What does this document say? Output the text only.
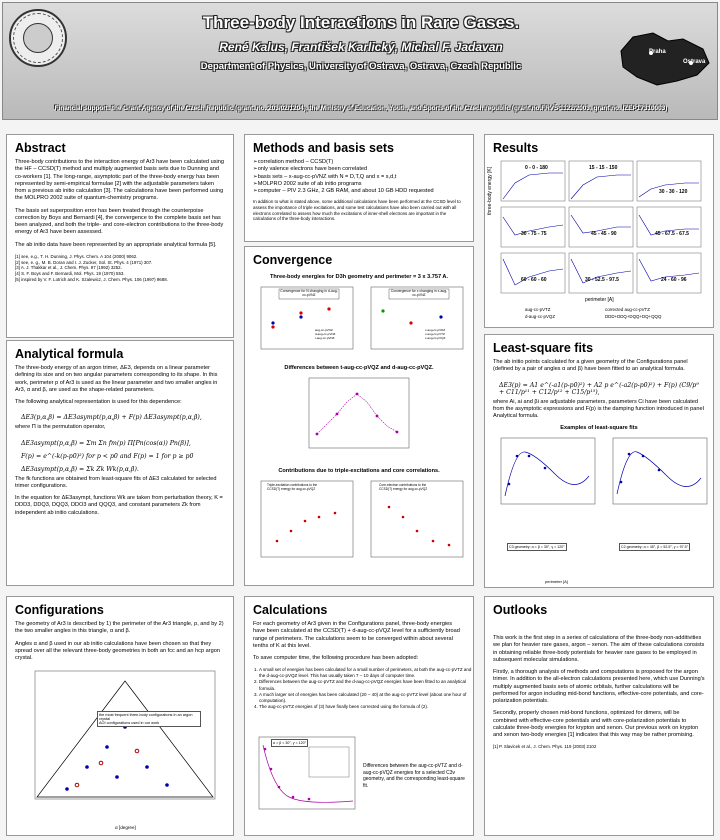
Three-body Interactions in Rare Gases.
René Kalus, František Karlický, Michal F. Jadavan
Department of Physics, University of Ostrava, Ostrava, Czech Republic
Financial support: the Grant Agency of the Czech Republic (grant. no. 203/02/1204), the Ministry of Education, Youth, and Sports of the Czech republic (grant no.FRVŠ 1122/2003, grant no. IZEP17310003)
Praha
Ostrava
Abstract

Three-body contributions to the interaction energy of Ar3 have been calculated using the HF – CCSD(T) method and multiply augmented basis sets due to Dunning and co-workers [1]. The long-range, asymptotic part of the three-body energy has been represented by semi-empirical formulae [2] with the adjustable parameters taken from a previous ab initio calculation [3]. The calculations have been performed using the MOLPRO 2002 suite of quantum-chemistry programs.

The basis set superposition error has been treated through the counterpoise correction by Boys and Bernardi [4], the convergence to the complete basis set has been analyzed, and both the triple- and core-electron contributions to the three-body energy of Ar3 have been assessed.

The ab initio data have been represented by an appropriate analytical formula [5].

[1] see, e.g., T. H. Dunning, J. Phys. Chem. A 104 (2000) 9062.
[2] see, e. g., M. B. Doran and I. J. Zucker, Sol. St. Phys. 4 (1971) 307.
[3] A. J. Thakkar et al., J. Chem. Phys. 97 (1992) 3252.
[4] S. F. Boys and F. Bernardi, Mol. Phys. 19 (1970) 553.
[5] inspired by V. F. Lotrich and K. Szalewicz, J. Chem. Phys. 106 (1997) 9688.
Methods and basis sets
➢ correlation method – CCSD(T)
➢ only valence electrons have been correlated
➢ basis sets – x-aug-cc-pVNZ with N = D,T,Q and x = s,d,t
➢ MOLPRO 2002 suite of ab initio programs
➢ computer – PIV 2.3 GHz, 2 GB RAM, and about 10 GB HDD requested

In addition to what is stated above, some additional calculations have been performed at the CCSD level to assess the importance of triple excitations, and some test calculations have also been carried out with all electrons correlated to assess how much the excitations of inner-shell electrons are important in the calculations of the three-body interactions.

Convergence
Three-body energies for D3h geometry and perimeter = 3 x 3.757 A.
Convergence for N changing in d-aug-cc-pVNZ
Convergence for x changing in x-aug-cc-pVNZ
aug-cc-pVNZ
d-aug-cc-pVNZ
t-aug-cc-pVNZ
x-aug-cc-pVDZ
x-aug-cc-pVTZ
x-aug-cc-pVQZ
Differences between t-aug-cc-pVQZ and d-aug-cc-pVQZ.
Contributions due to triple-excitations and core correlations.
Triple-excitation contributions to the CCSD(T) energy for aug-cc-pVQZ
Core-electron contributions to the CCSD(T) energy for aug-cc-pVQZ
Results
three-body energy [K]	0 - 0 - 180	15 - 15 - 150
30 - 30 - 120
30 - 75 - 75	45 - 45 - 90	45 - 67.5 - 67.5
60 - 60 - 60	30 - 52.5 - 97.5	24 - 60 - 96
perimeter [A]
aug-cc-pVTZ	corrected aug-cc-pVTZ
d-aug-cc-pVQZ	DDD+DDQ+DQQ+DQ+QQQ
Analytical formula

The three-body energy of an argon trimer, ΔE3, depends on a linear parameter defining its size and on two angular parameters corresponding to its shape. In this work, perimeter p of Ar3 is used as the linear parameter and two smaller angles in Ar3, α and β, are used as the shape-related parameters.

The following analytical representation is used for this dependence:

ΔE3(p,α,β) = ΔE3asympt(p,α,β) + F(p) ΔE3asympt(p,α,β),

where Π is the permutation operator,

ΔE3asympt(p,α,β) = Σm Σn fm(p) Π[Pn(cos(α)) Pn(β)],
F(p) = e^(-k(p-p0)²) for p < p0 and F(p) = 1 for p ≥ p0
ΔE3asympt(p,α,β) = Σk Zk Wk(p,α,β).

The fk functions are obtained from least-square fits of ΔE3 calculated for selected trimer configurations.

In the equation for ΔE3asympt, functions Wk are taken from perturbation theory, K = DDD3, DDQ3, DQQ3, DDO3 and QQQ3, and constant parameters Zk from independent ab initio calculations.

Least-square fits

The ab initio points calculated for a given geometry of the Configurations panel (defined by a pair of angles α and β) have been fitted to an analytical formula.

ΔE3(p) = A1 e^(-a1(p-p0)²) + A2 p e^(-a2(p-p0)²) + F(p) (C9/p⁹ + C11/p¹¹ + C12/p¹² + C15/p¹⁵),

where Ai, ai and βi are adjustable parameters, parameters Ci have been calculated from the asymptotic expressions and F(p) is the damping function introduced in panel Analytical formula.

Examples of least-square fits
C3 geometry: α = β = 30°, γ = 120°	C2 geometry: α = 45°, β = 52.5°, γ = 97.5°
perimeter [A]
Configurations

The geometry of Ar3 is described by 1) the perimeter of the Ar3 triangle, p, and by 2) the two smaller angles in this triangle, α and β.

Angles α and β used in our ab initio calculations have been chosen so that they spread over all the relevant three-body geometries in both an fcc and an hcp argon crystal.

the most frequent three-body configurations in an argon crystal
AOI configurations used in our work
α [degree]
Calculations

For each geometry of Ar3 given in the Configurations panel, three-body energies have been calculated at the CCSD(T) + d-aug-cc-pVQZ level for a sufficiently broad range of perimeters. The calculations seem to be converged within about several tenths of K at this level.

To save computer time, the following procedure has been adopted:

1. A small set of energies has been calculated for a small number of perimeters, at both the aug-cc-pVTZ and the d-aug-cc-pVQZ level. This has usually taken 7 – 10 days of computer time.
2. Differences between the aug-cc-pVTZ and the d-aug-cc-pVQZ energies have been fitted to an analytical formula.
3. A much larger set of energies has been calculated (20 – 40) at the aug-cc-pVTZ level (about one hour of computation).
4. The aug-cc-pVTZ energies of (3) have finally been corrected using the formula of (2).
α = β = 30°, γ = 120°
Differences between the aug-cc-pVTZ and d-aug-cc-pVQZ energies for a selected C3v geometry, and the corresponding least-square fit.
Outlooks

This work is the first step in a series of calculations of the three-body non-additivities we plan for heavier rare gases, argon – xenon. The aim of these calculations consists in obtaining reliable three-body potentials for heavier rare gases to be employed in subsequent molecular simulations.

Firstly, a thorough analysis of methods and computations is proposed for the argon trimer. In addition to the all-electron calculations presented here, which use Dunning's multiply augmented basis sets of atomic orbitals, further calculations will be performed for argon including mid-bond functions, effective-core potentials, and core-polarization potentials.

Secondly, properly chosen mid-bond functions, optimized for dimers, will be combined with effective-core potentials and with core-polarization potentials to calculate three-body energies for krypton and xenon. Our previous work on krypton and xenon two-body energies [1] indicates that this way may be rather promising.

[1] P. Slavicek et al., J. Chem. Phys. 119 (2003) 2102
